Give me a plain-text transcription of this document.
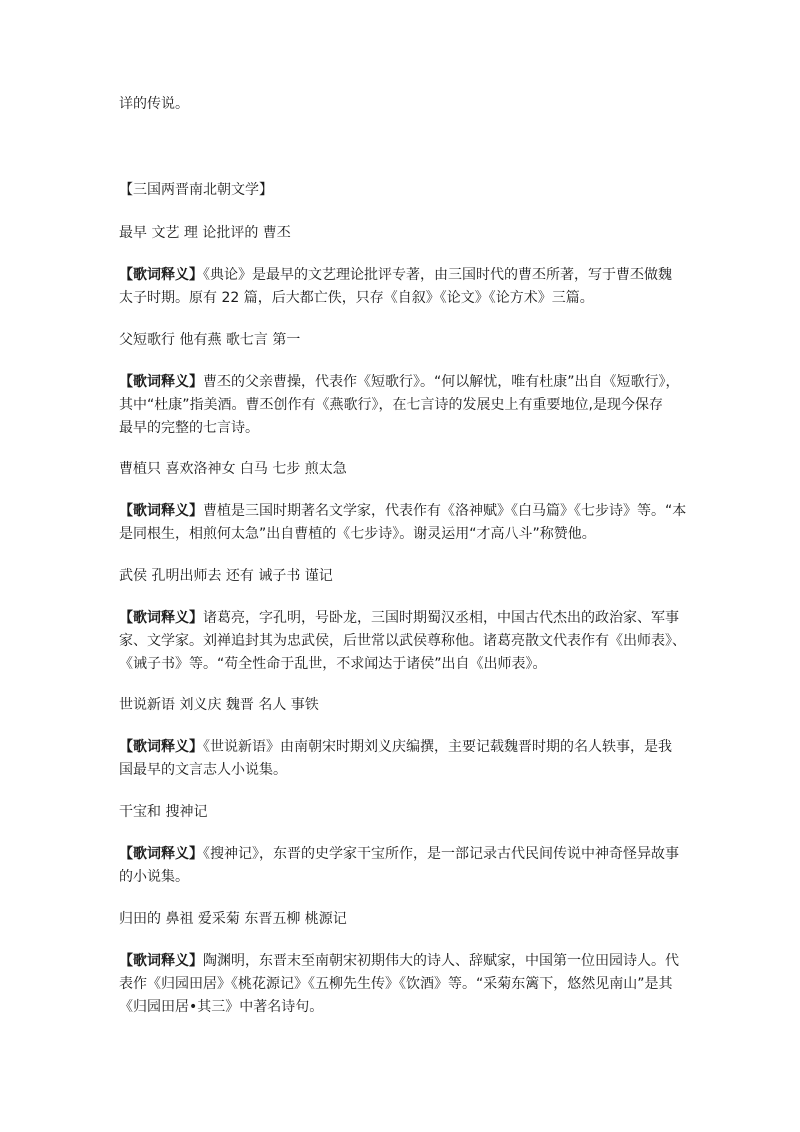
详的传说。
【三国两晋南北朝文学】
最早 文艺 理 论批评的 曹丕
【歌词释义】《典论》是最早的文艺理论批评专著，由三国时代的曹丕所著，写于曹丕做魏
太子时期。原有 22 篇，后大都亡佚，只存《自叙》《论文》《论方术》三篇。
父短歌行 他有燕 歌七言 第一
【歌词释义】曹丕的父亲曹操，代表作《短歌行》。“何以解忧，唯有杜康”出自《短歌行》，
其中“杜康”指美酒。曹丕创作有《燕歌行》，在七言诗的发展史上有重要地位,是现今保存
最早的完整的七言诗。
曹植只 喜欢洛神女 白马 七步 煎太急
【歌词释义】曹植是三国时期著名文学家，代表作有《洛神赋》《白马篇》《七步诗》等。“本
是同根生，相煎何太急”出自曹植的《七步诗》。谢灵运用“才高八斗”称赞他。
武侯 孔明出师去 还有 诫子书 谨记
【歌词释义】诸葛亮，字孔明，号卧龙，三国时期蜀汉丞相，中国古代杰出的政治家、军事
家、文学家。刘禅追封其为忠武侯，后世常以武侯尊称他。诸葛亮散文代表作有《出师表》、
《诫子书》等。“苟全性命于乱世，不求闻达于诸侯”出自《出师表》。
世说新语 刘义庆 魏晋 名人 事铁
【歌词释义】《世说新语》由南朝宋时期刘义庆编撰，主要记载魏晋时期的名人轶事，是我
国最早的文言志人小说集。
干宝和 搜神记
【歌词释义】《搜神记》，东晋的史学家干宝所作，是一部记录古代民间传说中神奇怪异故事
的小说集。
归田的 鼻祖 爱采菊 东晋五柳 桃源记
【歌词释义】陶渊明，东晋末至南朝宋初期伟大的诗人、辞赋家，中国第一位田园诗人。代
表作《归园田居》《桃花源记》《五柳先生传》《饮酒》等。“采菊东篱下，悠然见南山”是其
《归园田居•其三》中著名诗句。
